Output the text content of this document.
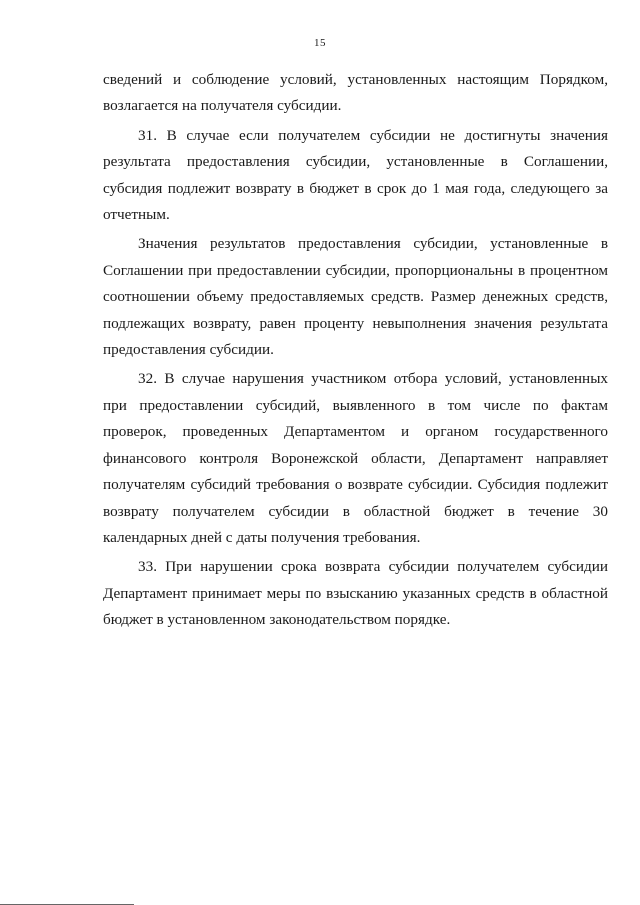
15
сведений и соблюдение условий, установленных настоящим Порядком,
возлагается на получателя субсидии.
31. В случае если получателем субсидии не достигнуты значения
результата предоставления субсидии, установленные в Соглашении,
субсидия подлежит возврату в бюджет в срок до 1 мая года, следующего за
отчетным.
Значения результатов предоставления субсидии, установленные в
Соглашении при предоставлении субсидии, пропорциональны в процентном
соотношении объему предоставляемых средств. Размер денежных средств,
подлежащих возврату, равен проценту невыполнения значения результата
предоставления субсидии.
32. В случае нарушения участником отбора условий, установленных
при предоставлении субсидий, выявленного в том числе по фактам
проверок, проведенных Департаментом и органом государственного
финансового контроля Воронежской области, Департамент направляет
получателям субсидий требования о возврате субсидии. Субсидия подлежит
возврату получателем субсидии в областной бюджет в течение 30
календарных дней с даты получения требования.
33. При нарушении срока возврата субсидии получателем субсидии
Департамент принимает меры по взысканию указанных средств в областной
бюджет в установленном законодательством порядке.
